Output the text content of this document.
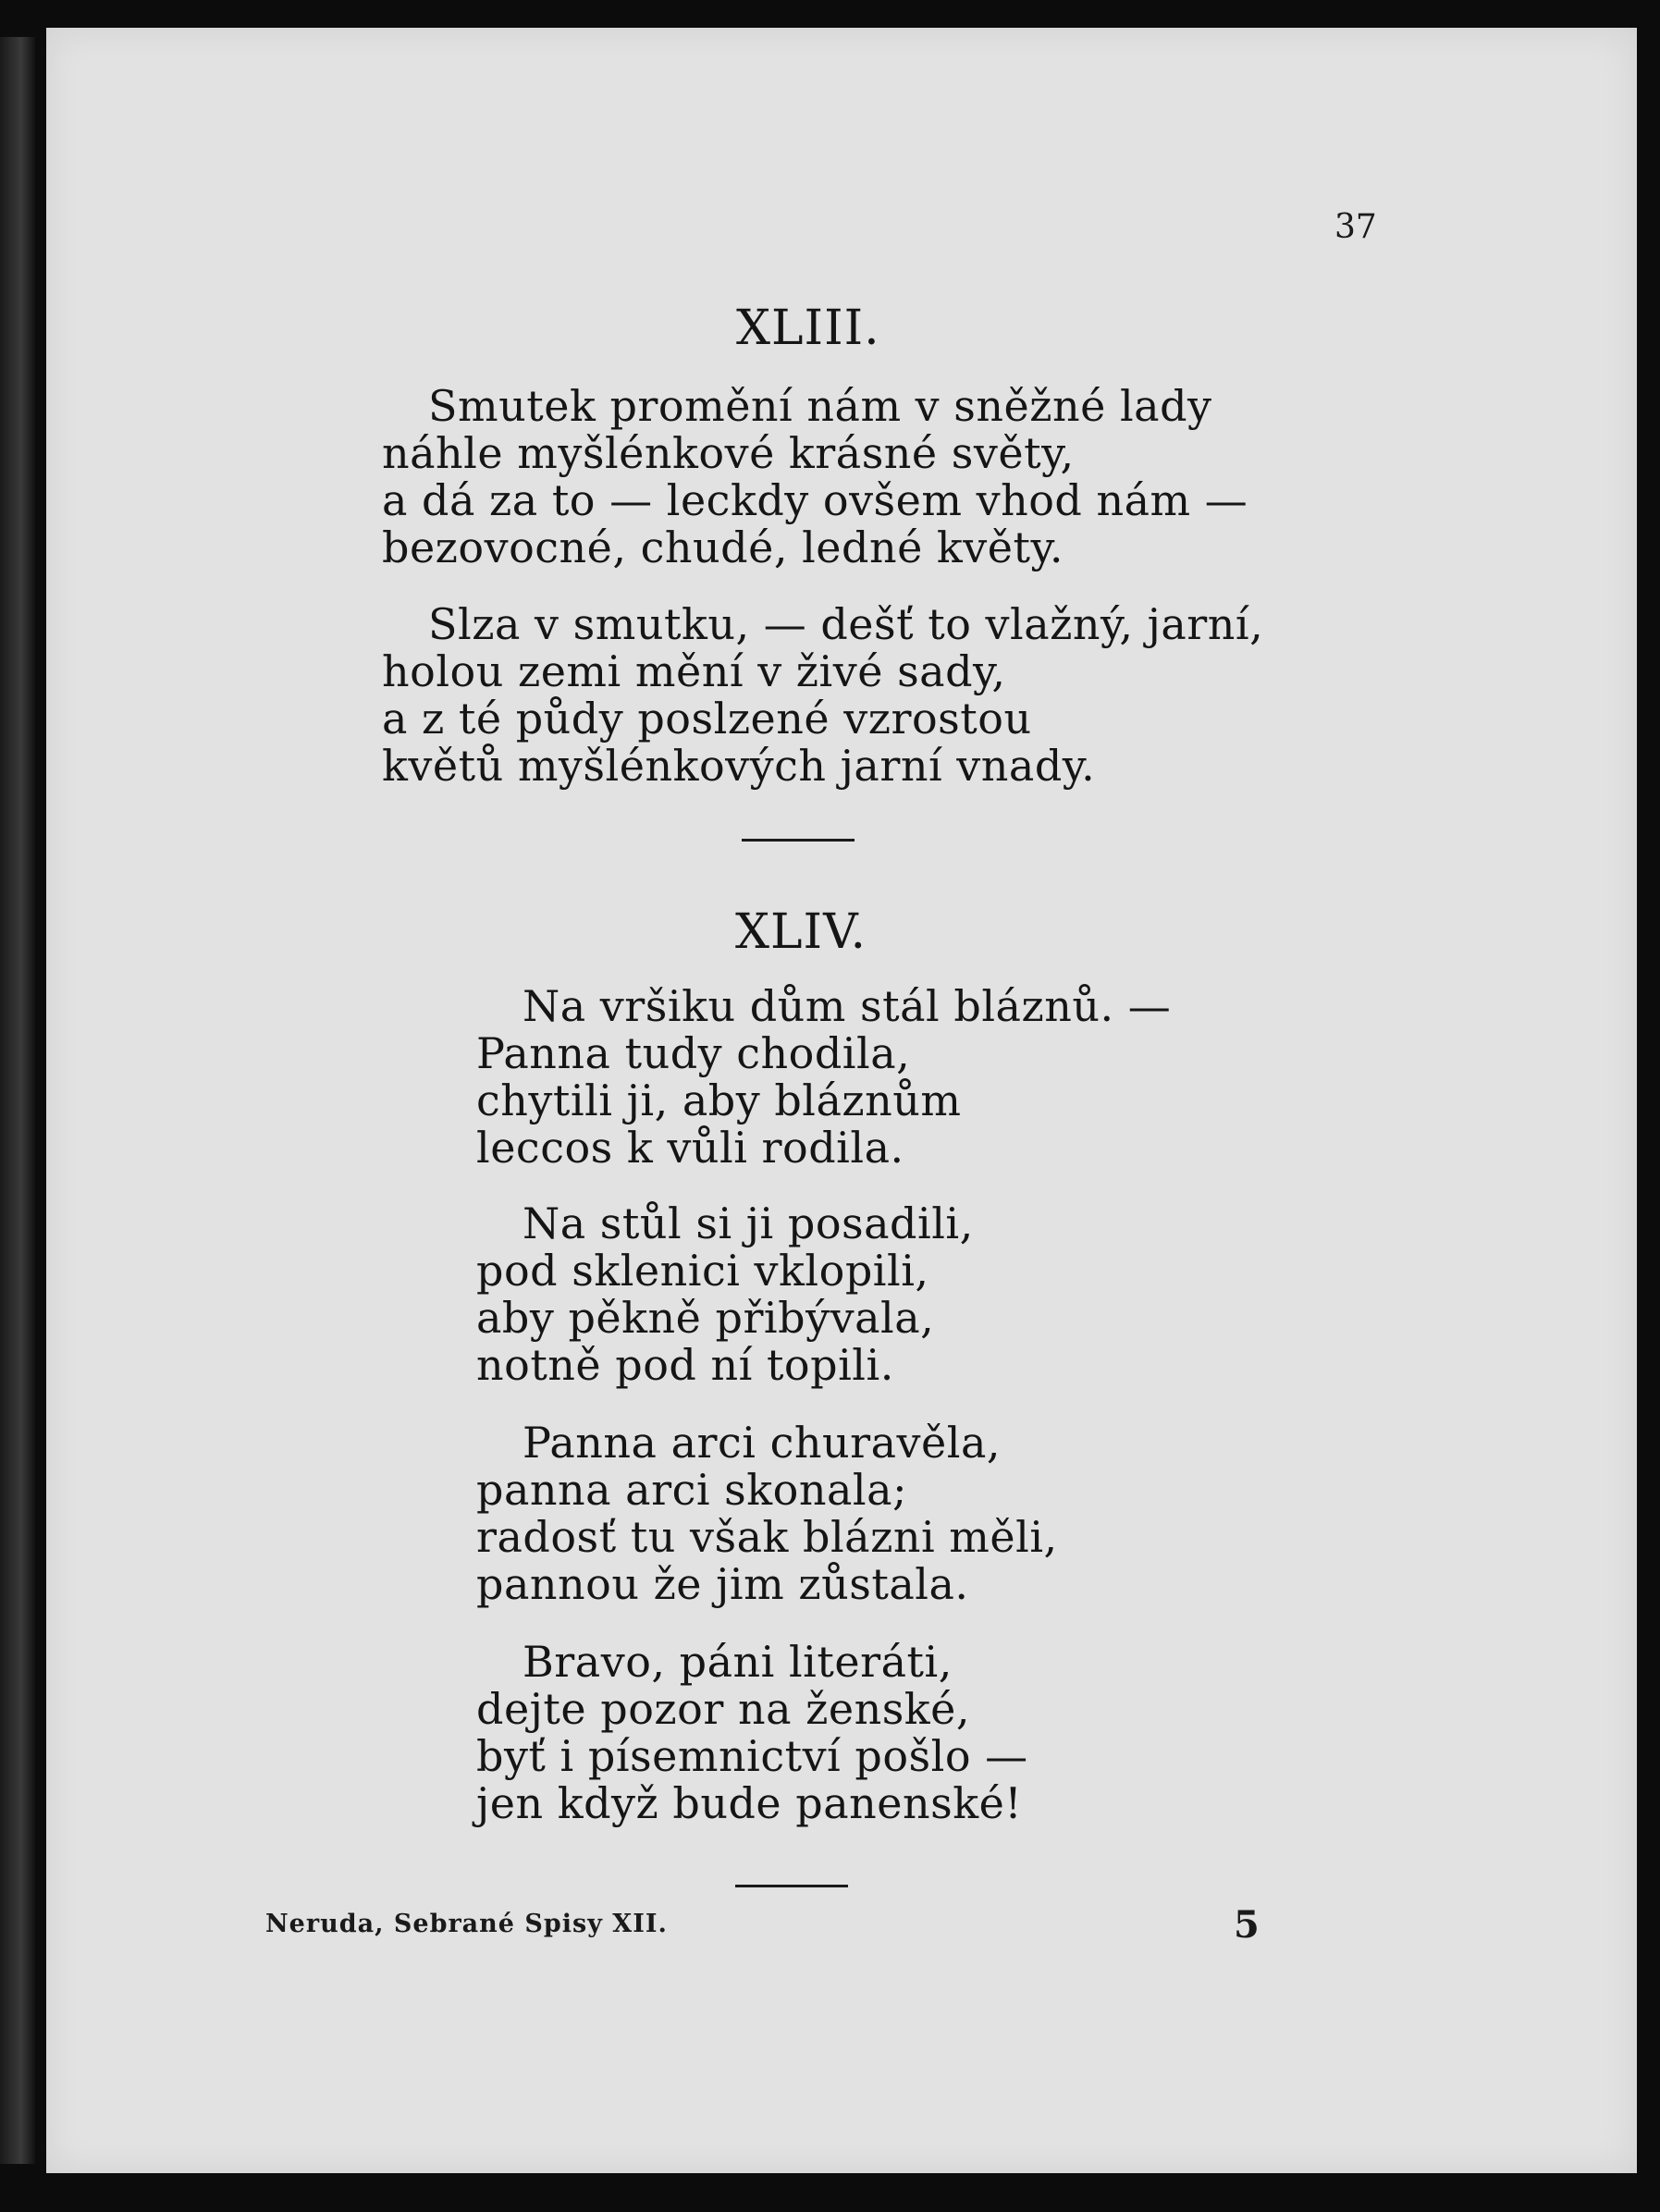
37
XLIII.
Smutek promění nám v sněžné lady
náhle myšlénkové krásné světy,
a dá za to — leckdy ovšem vhod nám —
bezovocné, chudé, ledné květy.
Slza v smutku, — dešť to vlažný, jarní,
holou zemi mění v živé sady,
a z té půdy poslzené vzrostou
květů myšlénkových jarní vnady.
XLIV.
Na vršiku dům stál bláznů. —
Panna tudy chodila,
chytili ji, aby bláznům
leccos k vůli rodila.
Na stůl si ji posadili,
pod sklenici vklopili,
aby pěkně přibývala,
notně pod ní topili.
Panna arci churavěla,
panna arci skonala;
radosť tu však blázni měli,
pannou že jim zůstala.
Bravo, páni literáti,
dejte pozor na ženské,
byť i písemnictví pošlo —
jen když bude panenské!
Neruda, Sebrané Spisy XII.	5
